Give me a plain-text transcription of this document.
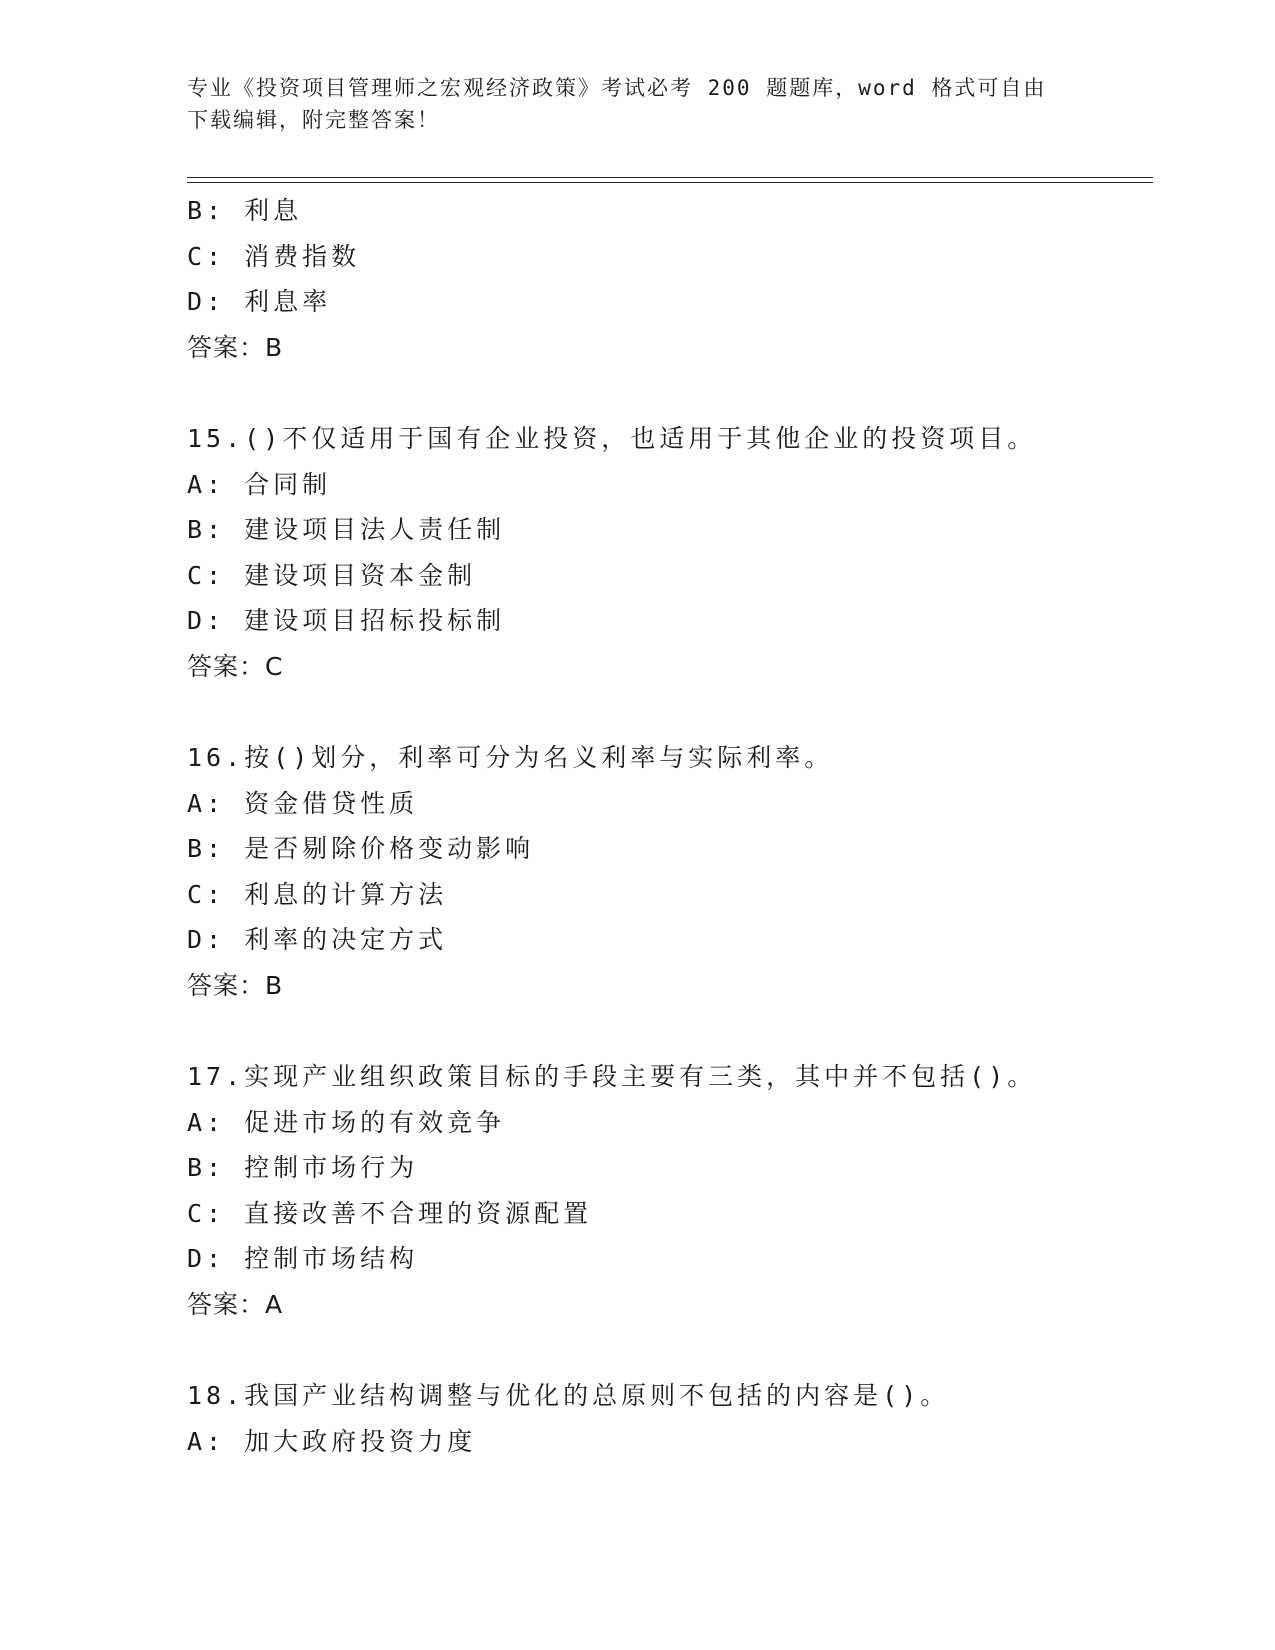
专业《投资项目管理师之宏观经济政策》考试必考 200 题题库，word 格式可自由
下载编辑，附完整答案！
B: 利息
C: 消费指数
D: 利息率
答案：B
15.()不仅适用于国有企业投资，也适用于其他企业的投资项目。
A: 合同制
B: 建设项目法人责任制
C: 建设项目资本金制
D: 建设项目招标投标制
答案：C
16.按()划分，利率可分为名义利率与实际利率。
A: 资金借贷性质
B: 是否剔除价格变动影响
C: 利息的计算方法
D: 利率的决定方式
答案：B
17.实现产业组织政策目标的手段主要有三类，其中并不包括()。
A: 促进市场的有效竞争
B: 控制市场行为
C: 直接改善不合理的资源配置
D: 控制市场结构
答案：A
18.我国产业结构调整与优化的总原则不包括的内容是()。
A: 加大政府投资力度
